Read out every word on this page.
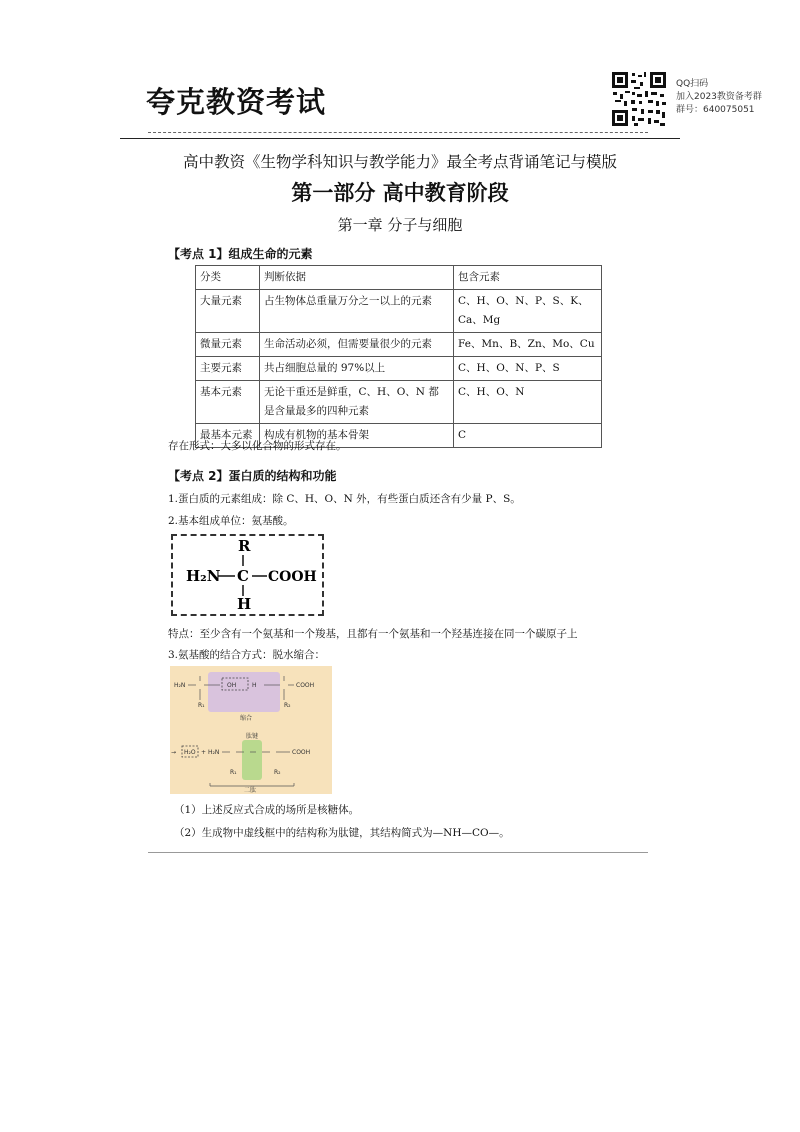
夸克教资考试
QQ扫码
加入2023教资备考群
群号：640075051
高中教资《生物学科知识与教学能力》最全考点背诵笔记与模版
第一部分 高中教育阶段
第一章 分子与细胞
【考点 1】组成生命的元素
分类	判断依据	包含元素
大量元素	占生物体总重量万分之一以上的元素	C、H、O、N、P、S、K、Ca、Mg
微量元素	生命活动必须，但需要量很少的元素	Fe、Mn、B、Zn、Mo、Cu
主要元素	共占细胞总量的 97%以上	C、H、O、N、P、S
基本元素	无论干重还是鲜重，C、H、O、N 都是含量最多的四种元素	C、H、O、N
最基本元素	构成有机物的基本骨架	C
存在形式：大多以化合物的形式存在。
【考点 2】蛋白质的结构和功能
1.蛋白质的元素组成：除 C、H、O、N 外，有些蛋白质还含有少量 P、S。
2.基本组成单位：氨基酸。
R
H₂N C COOH
H
特点：至少含有一个氨基和一个羧基，且都有一个氨基和一个羟基连接在同一个碳原子上
3.氨基酸的结合方式：脱水缩合：
H₂N	OH	H	COOH
R₁	R₂
缩合
→ H₂O + H₂N
肽键
COOH
R₁	R₂
二肽
（1）上述反应式合成的场所是核糖体。
（2）生成物中虚线框中的结构称为肽键，其结构简式为—NH—CO—。
